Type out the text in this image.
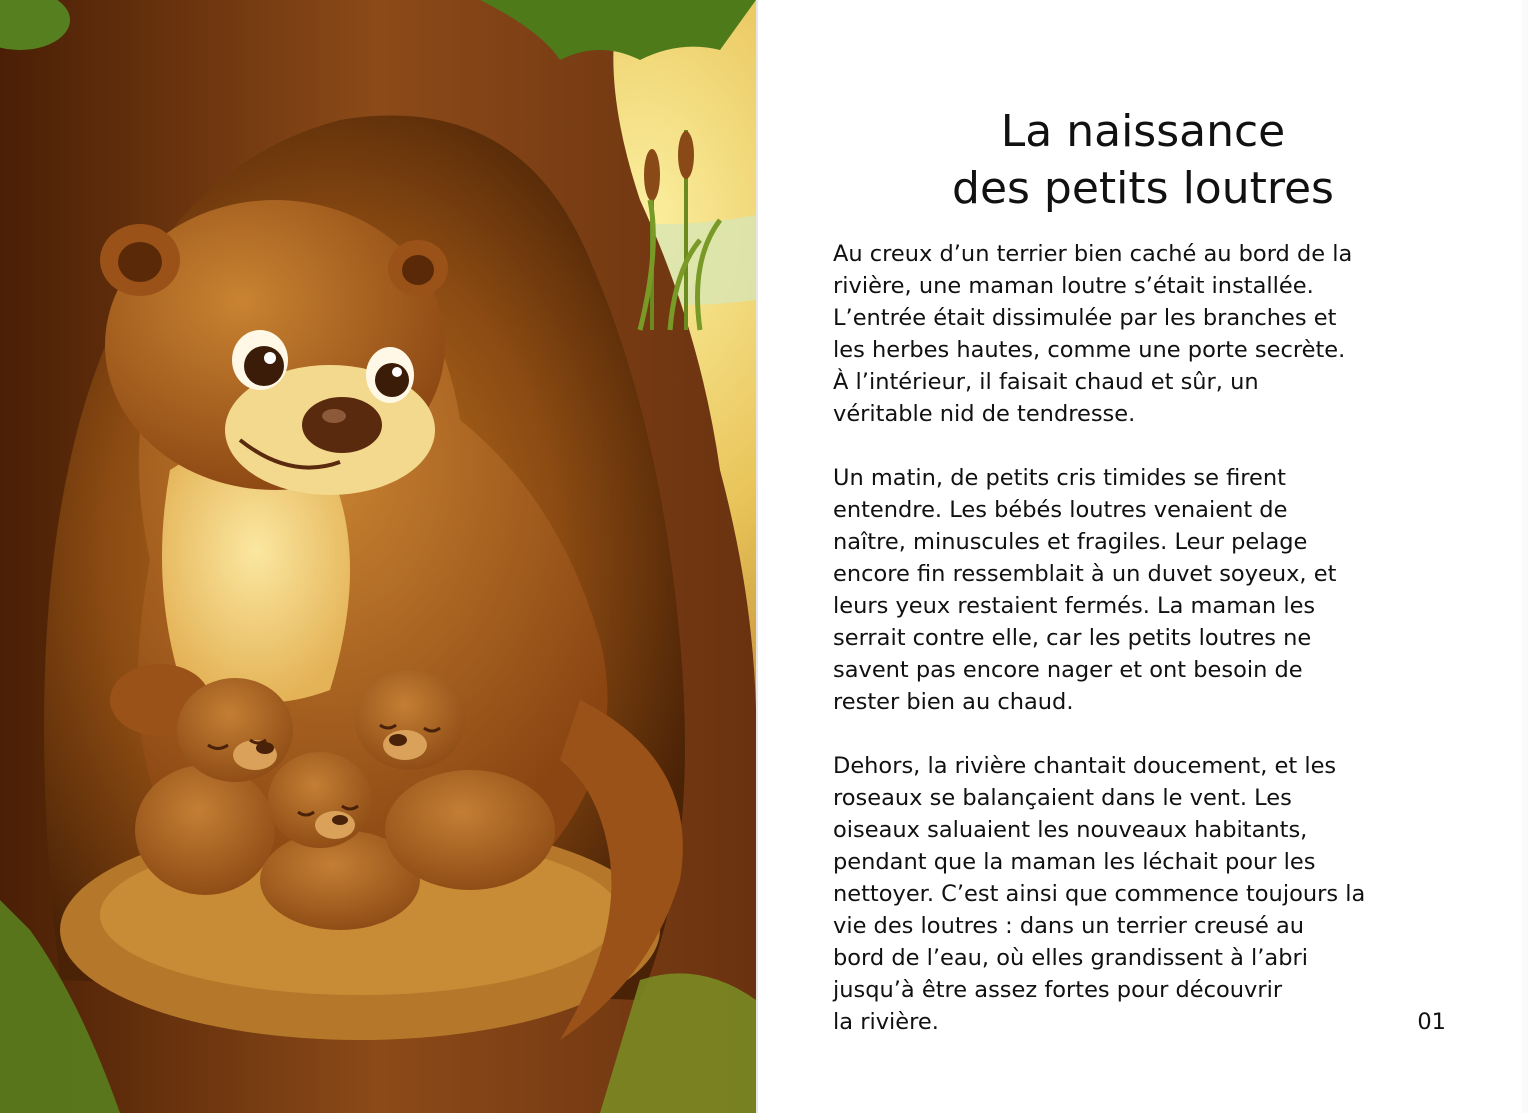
La naissance
des petits loutres

Au creux d’un terrier bien caché au bord de la
rivière, une maman loutre s’était installée.
L’entrée était dissimulée par les branches et
les herbes hautes, comme une porte secrète.
À l’intérieur, il faisait chaud et sûr, un
véritable nid de tendresse.

Un matin, de petits cris timides se firent
entendre. Les bébés loutres venaient de
naître, minuscules et fragiles. Leur pelage
encore fin ressemblait à un duvet soyeux, et
leurs yeux restaient fermés. La maman les
serrait contre elle, car les petits loutres ne
savent pas encore nager et ont besoin de
rester bien au chaud.

Dehors, la rivière chantait doucement, et les
roseaux se balançaient dans le vent. Les
oiseaux saluaient les nouveaux habitants,
pendant que la maman les léchait pour les
nettoyer. C’est ainsi que commence toujours la
vie des loutres : dans un terrier creusé au
bord de l’eau, où elles grandissent à l’abri
jusqu’à être assez fortes pour découvrir
la rivière.	01
